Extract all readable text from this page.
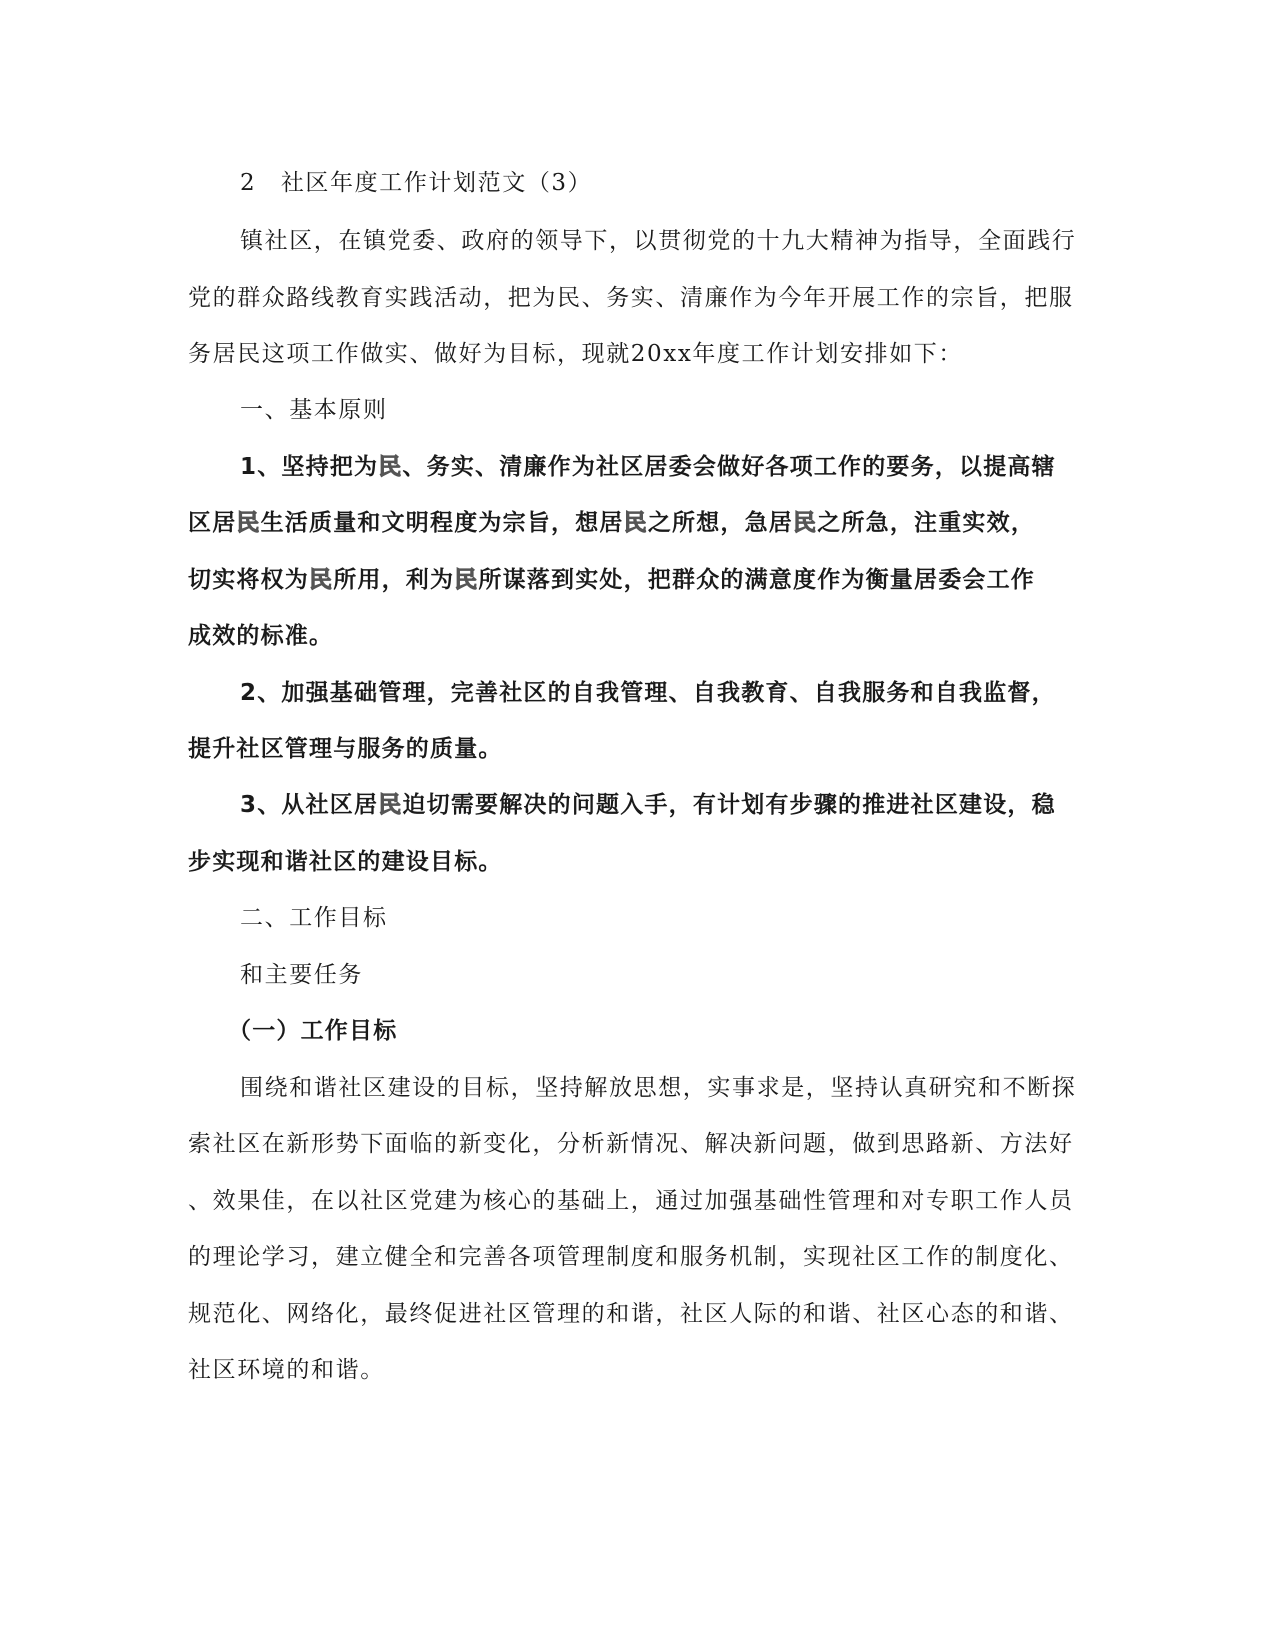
2　社区年度工作计划范文（3）
镇社区，在镇党委、政府的领导下，以贯彻党的十九大精神为指导，全面践行
党的群众路线教育实践活动，把为民、务实、清廉作为今年开展工作的宗旨，把服
务居民这项工作做实、做好为目标，现就20xx年度工作计划安排如下：
一、基本原则
1、坚持把为民、务实、清廉作为社区居委会做好各项工作的要务，以提高辖
区居民生活质量和文明程度为宗旨，想居民之所想，急居民之所急，注重实效，
切实将权为民所用，利为民所谋落到实处，把群众的满意度作为衡量居委会工作
成效的标准。
2、加强基础管理，完善社区的自我管理、自我教育、自我服务和自我监督，
提升社区管理与服务的质量。
3、从社区居民迫切需要解决的问题入手，有计划有步骤的推进社区建设，稳
步实现和谐社区的建设目标。
二、工作目标
和主要任务
（一）工作目标
围绕和谐社区建设的目标，坚持解放思想，实事求是，坚持认真研究和不断探
索社区在新形势下面临的新变化，分析新情况、解决新问题，做到思路新、方法好
、效果佳，在以社区党建为核心的基础上，通过加强基础性管理和对专职工作人员
的理论学习，建立健全和完善各项管理制度和服务机制，实现社区工作的制度化、
规范化、网络化，最终促进社区管理的和谐，社区人际的和谐、社区心态的和谐、
社区环境的和谐。
